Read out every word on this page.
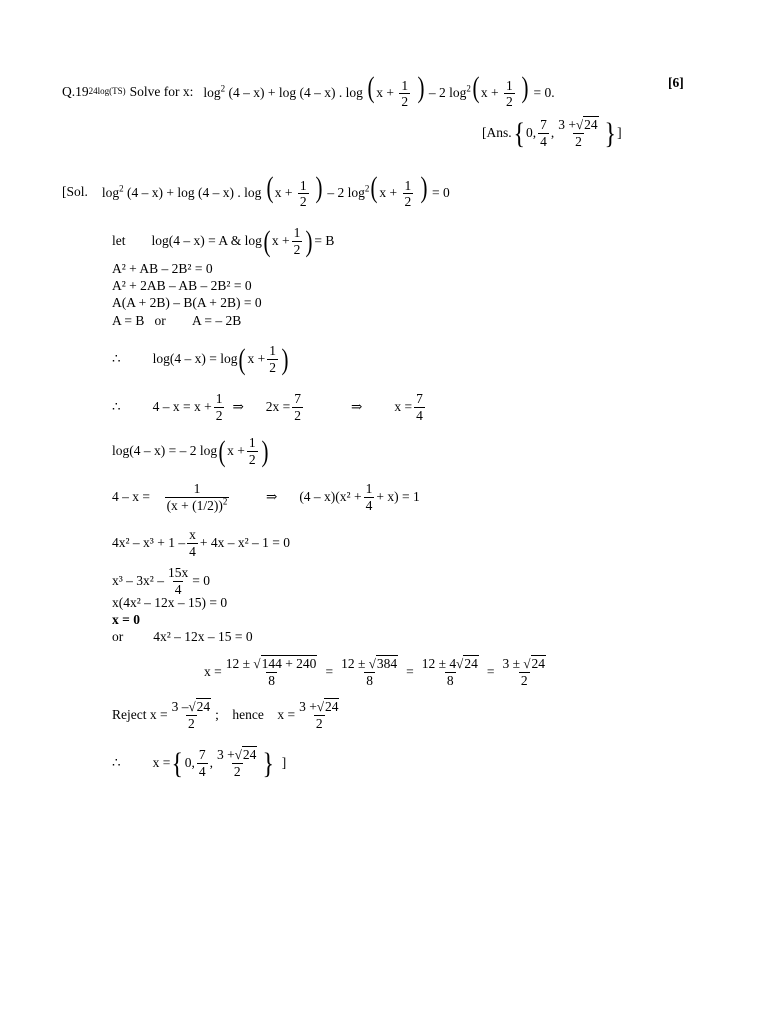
Q.19 24log(TS) Solve for x: $\log^2 (4 - x) + \log (4 - x)$ . log ( $x + \frac{1}{2}$ ) – 2 $\log^2$( $x + \frac{1}{2}$ ) = 0.
[6]
[Ans. { 0, $\frac{7}{4}$ , $\frac{3 +√24}{2}$ } ]
[Sol. $\log^2 (4 - x) + \log (4 - x)$ . log ( $x + \frac{1}{2}$ ) – 2 $\log^2$( $x + \frac{1}{2}$ ) = 0
let log(4 – x) = A & log ( $x + \frac{1}{2}$ ) = B
A² + AB – 2B² = 0
A² + 2AB – AB – 2B² = 0
A(A + 2B) – B(A + 2B) = 0
A = B   or        A = – 2B
∴ log(4 – x) = log ( $x + \frac{1}{2}$ )
∴ $4 - x = x + \frac{1}{2}$ ⇒ $2x = \frac{7}{2}$	⇒ $x = \frac{7}{4}$
log(4 – x) = – 2 log ( $x + \frac{1}{2}$ )
$4 - x = \frac{1}{(x + (1/2))^2}$ ⇒ $(4 - x)(x^2 + \frac{1}{4} + x) = 1$
$4x^2 - x^3 + 1 - \frac{x}{4} + 4x - x^2 - 1 = 0$
$x^3 - 3x^2 - \frac{15x}{4} = 0$
x(4x² – 12x – 15) = 0
x = 0
or 4x² – 12x – 15 = 0
$x = \frac{12 \pm √144 + 240}{8} = \frac{12 \pm √384}{8} = \frac{12 \pm 4√24}{8} = \frac{3 \pm √24}{2}$
Reject $x = \frac{3 -√24}{2}$ ;    hence    $x = \frac{3 +√24}{2}$
∴ x = { 0, $\frac{7}{4}$ , $\frac{3 +√24}{2}$ } ]
